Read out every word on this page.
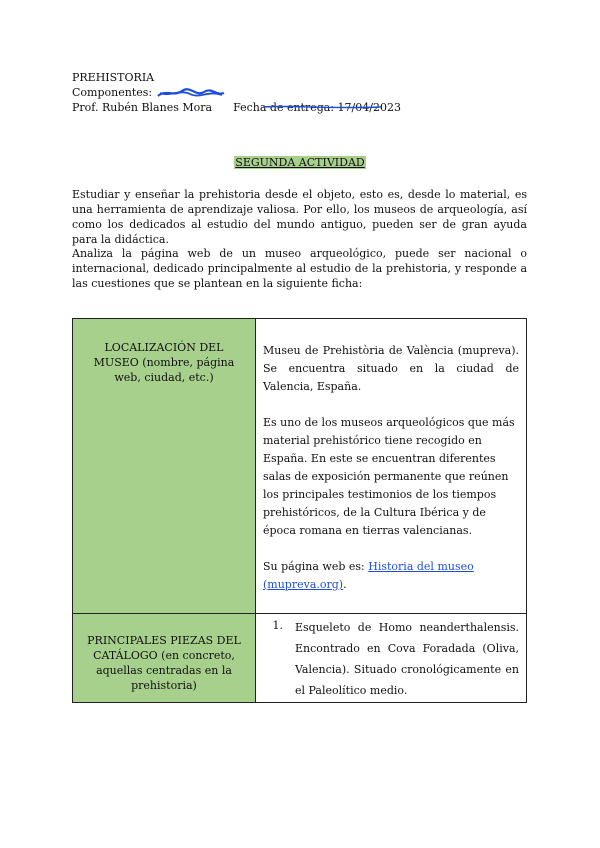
PREHISTORIA
Componentes:
Prof. Rubén Blanes Mora Fecha de entrega: 17/04/2023
SEGUNDA ACTIVIDAD
Estudiar y enseñar la prehistoria desde el objeto, esto es, desde lo material, es una herramienta de aprendizaje valiosa. Por ello, los museos de arqueología, así como los dedicados al estudio del mundo antiguo, pueden ser de gran ayuda para la didáctica.
Analiza la página web de un museo arqueológico, puede ser nacional o internacional, dedicado principalmente al estudio de la prehistoria, y responde a las cuestiones que se plantean en la siguiente ficha:
LOCALIZACIÓN DEL MUSEO (nombre, página web, ciudad, etc.)	Museu de Prehistòria de València (mupreva). Se encuentra situado en la ciudad de Valencia, España.

Es uno de los museos arqueológicos que más material prehistórico tiene recogido en España. En este se encuentran diferentes salas de exposición permanente que reúnen los principales testimonios de los tiempos prehistóricos, de la Cultura Ibérica y de época romana en tierras valencianas.

Su página web es: Historia del museo (mupreva.org).

PRINCIPALES PIEZAS DEL CATÁLOGO (en concreto, aquellas centradas en la prehistoria)	1. Esqueleto de Homo neanderthalensis. Encontrado en Cova Foradada (Oliva, Valencia). Situado cronológicamente en el Paleolítico medio.
